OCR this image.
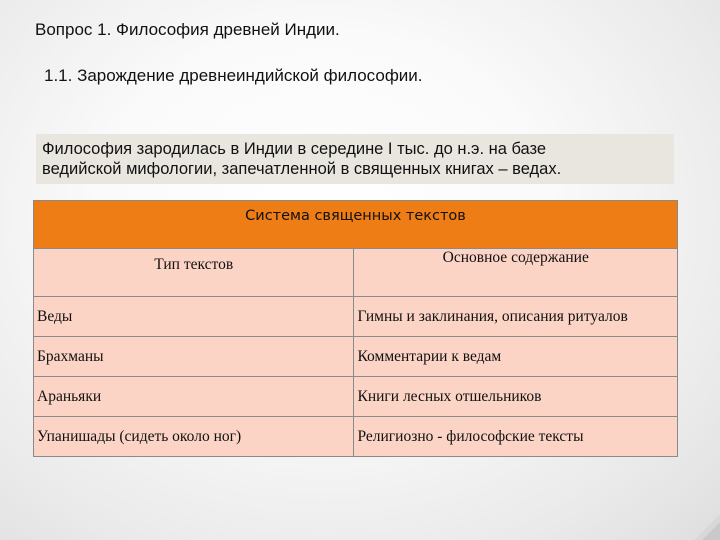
Вопрос 1. Философия древней Индии.
1.1. Зарождение древнеиндийской философии.
Философия зародилась в Индии в середине I тыс. до н.э. на базе
ведийской мифологии, запечатленной в священных книгах – ведах.
Система священных текстов	
Тип текстов	Основное содержание
Веды	Гимны и заклинания, описания ритуалов
Брахманы	Комментарии к ведам
Араньяки	Книги лесных отшельников
Упанишады (сидеть около ног)	Религиозно - философские тексты
